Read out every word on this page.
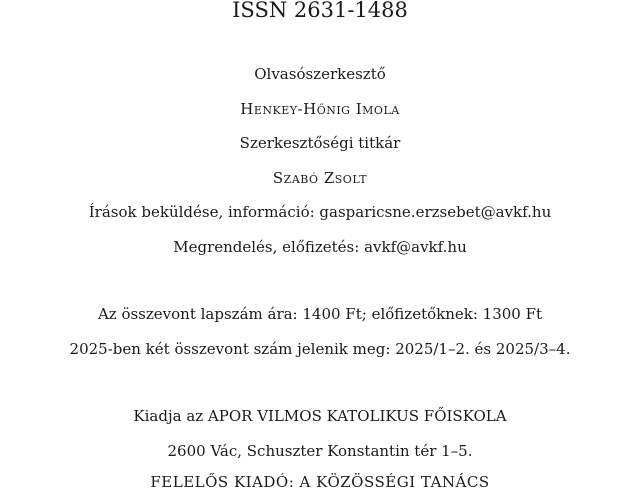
ISSN 2631-1488
Olvasószerkesztő
Henkey-Hőnig Imola
Szerkesztőségi titkár
Szabó Zsolt
Írások beküldése, információ: gasparicsne.erzsebet@avkf.hu
Megrendelés, előfizetés: avkf@avkf.hu
Az összevont lapszám ára: 1400 Ft; előfizetőknek: 1300 Ft
2025-ben két összevont szám jelenik meg: 2025/1–2. és 2025/3–4.
Kiadja az APOR VILMOS KATOLIKUS FŐISKOLA
2600 Vác, Schuszter Konstantin tér 1–5.
FELELŐS KIADÓ: A KÖZÖSSÉGI TANÁCS
